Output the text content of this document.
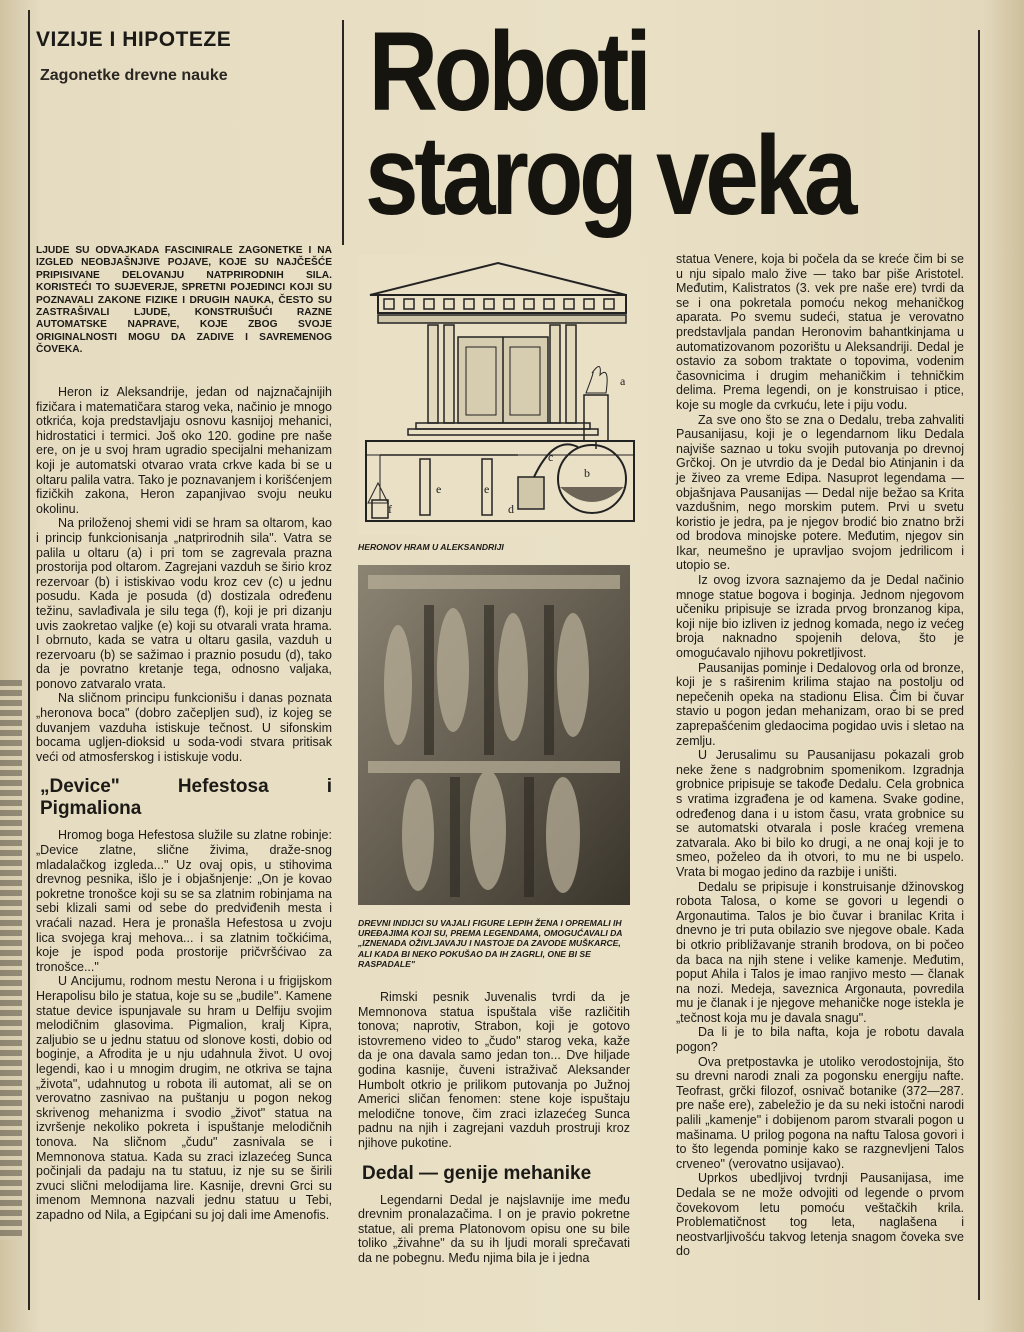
VIZIJE I HIPOTEZE
Zagonetke drevne nauke Roboti
starog veka
LJUDE SU ODVAJKADA FASCINIRALE ZAGONETKE I NA IZGLED NEOBJAŠNJIVE POJAVE, KOJE SU NAJČEŠĆE PRIPISIVANE DELOVANJU NATPRIRODNIH SILA. KORISTEĆI TO SUJEVERJE, SPRETNI POJEDINCI KOJI SU POZNAVALI ZAKONE FIZIKE I DRUGIH NAUKA, ČESTO SU ZASTRAŠIVALI LJUDE, KONSTRUIŠUĆI RAZNE AUTOMATSKE NAPRAVE, KOJE ZBOG SVOJE ORIGINALNOSTI MOGU DA ZADIVE I SAVREMENOG ČOVEKA.

Heron iz Aleksandrije, jedan od najznačajnijih fizičara i matematičara starog veka, načinio je mnogo otkrića, koja predstavljaju osnovu kasnijoj mehanici, hidrostatici i termici. Još oko 120. godine pre naše ere, on je u svoj hram ugradio specijalni mehanizam koji je automatski otvarao vrata crkve kada bi se u oltaru palila vatra. Tako je poznavanjem i korišćenjem fizičkih zakona, Heron zapanjivao svoju neuku okolinu.

Na priloženoj shemi vidi se hram sa oltarom, kao i princip funkcionisanja „natprirodnih sila". Vatra se palila u oltaru (a) i pri tom se zagrevala prazna prostorija pod oltarom. Zagrejani vazduh se širio kroz rezervoar (b) i istiskivao vodu kroz cev (c) u jednu posudu. Kada je posuda (d) dostizala određenu težinu, savlađivala je silu tega (f), koji je pri dizanju uvis zaokretao valjke (e) koji su otvarali vrata hrama. I obrnuto, kada se vatra u oltaru gasila, vazduh u rezervoaru (b) se sažimao i praznio posudu (d), tako da je povratno kretanje tega, odnosno valjaka, ponovo zatvaralo vrata.

Na sličnom principu funkcionišu i danas poznata „heronova boca" (dobro začepljen sud), iz kojeg se duvanjem vazduha istiskuje tečnost. U sifonskim bocama ugljen-dioksid u soda-vodi stvara pritisak veći od atmosferskog i istiskuje vodu.

„Device" Hefestosa i Pigmaliona

Hromog boga Hefestosa služile su zlatne robinje: „Device zlatne, slične živima, draže-snog mladalačkog izgleda..." Uz ovaj opis, u stihovima drevnog pesnika, išlo je i objašnjenje: „On je kovao pokretne tronošce koji su se sa zlatnim robinjama na sebi klizali sami od sebe do predviđenih mesta i vraćali nazad. Hera je pronašla Hefestosa u zvoju lica svojega kraj mehova... i sa zlatnim točkićima, koje je ispod poda prostorije pričvršćivao za tronošce..."

U Anciјumu, rodnom mestu Nerona i u frigijskom Herapolisu bilo je statua, koje su se „budile". Kamene statue device ispunjavale su hram u Delfiju svojim melodičnim glasovima. Pigmalion, kralj Kipra, zaljubio se u jednu statuu od slonove kosti, dobio od boginje, a Afrodita je u nju udahnula život. U ovoj legendi, kao i u mnogim drugim, ne otkriva se tajna „života", udahnutog u robota ili automat, ali se on verovatno zasnivao na puštanju u pogon nekog skrivenog mehanizma i svodio „život" statua na izvršenje nekoliko pokreta i ispuštanje melodičnih tonova. Na sličnom „čudu" zasnivala se i Memnonova statua. Kada su zraci izlazećeg Sunca počinjali da padaju na tu statuu, iz nje su se širili zvuci slični melodijama lire. Kasnije, drevni Grci su imenom Memnona nazvali jednu statuu u Tebi, zapadno od Nila, a Egipćani su joj dali ime Amenofis.

a
b
c
d
e	e
f
HERONOV HRAM U ALEKSANDRIJI
DREVNI INDIJCI SU VAJALI FIGURE LEPIH ŽENA I OPREMALI IH UREĐAJIMA KOJI SU, PREMA LEGENDAMA, OMOGUĆAVALI DA „IZNENADA OŽIVLJAVAJU I NASTOJE DA ZAVODE MUŠKARCE, ALI KADA BI NEKO POKUŠAO DA IH ZAGRLI, ONE BI SE RASPADALE"

Rimski pesnik Juvenalis tvrdi da je Memnonova statua ispuštala više različitih tonova; naprotiv, Strabon, koji je gotovo istovremeno video to „čudo" starog veka, kaže da je ona davala samo jedan ton... Dve hiljade godina kasnije, čuveni istraživač Aleksander Humbolt otkrio je prilikom putovanja po Južnoj Americi sličan fenomen: stene koje ispuštaju melodične tonove, čim zraci izlazećeg Sunca padnu na njih i zagrejani vazduh prostruji kroz njihove pukotine.

Dedal — genije mehanike

Legendarni Dedal je najslavnije ime među drevnim pronalazačima. I on je pravio pokretne statue, ali prema Platonovom opisu one su bile toliko „živahne" da su ih ljudi morali sprečavati da ne pobegnu. Među njima bila je i jedna

statua Venere, koja bi počela da se kreće čim bi se u nju sipalo malo žive — tako bar piše Aristotel. Međutim, Kalistratos (3. vek pre naše ere) tvrdi da se i ona pokretala pomoću nekog mehaničkog aparata. Po svemu sudeći, statua je verovatno predstavljala pandan Heronovim bahantkinjama u automatizovanom pozorištu u Aleksandriji. Dedal je ostavio za sobom traktate o topovima, vodenim časovnicima i drugim mehaničkim i tehničkim delima. Prema legendi, on je konstruisao i ptice, koje su mogle da cvrkuću, lete i piju vodu.

Za sve ono što se zna o Dedalu, treba zahvaliti Pausanijasu, koji je o legendarnom liku Dedala najviše saznao u toku svojih putovanja po drevnoj Grčkoj. On je utvrdio da je Dedal bio Atinjanin i da je živeo za vreme Edipa. Nasuprot legendama — objašnjava Pausanijas — Dedal nije bežao sa Krita vazdušnim, nego morskim putem. Prvi u svetu koristio je jedra, pa je njegov brodić bio znatno brži od brodova minojske potere. Međutim, njegov sin Ikar, neumešno je upravljao svojom jedrilicom i utopio se.

Iz ovog izvora saznajemo da je Dedal načinio mnoge statue bogova i boginja. Jednom njegovom učeniku pripisuje se izrada prvog bronzanog kipa, koji nije bio izliven iz jednog komada, nego iz većeg broja naknadno spojenih delova, što je omogućavalo njihovu pokretljivost.

Pausanijas pominje i Dedalovog orla od bronze, koji je s raširenim krilima stajao na postolju od nepečenih opeka na stadionu Elisa. Čim bi čuvar stavio u pogon jedan mehanizam, orao bi se pred zaprepašćenim gledaocima pogidao uvis i sletao na zemlju.

U Jerusalimu su Pausanijasu pokazali grob neke žene s nadgrobnim spomenikom. Izgradnja grobnice pripisuje se takođe Dedalu. Cela grobnica s vratima izgrađena je od kamena. Svake godine, određenog dana i u istom času, vrata grobnice su se automatski otvarala i posle kraćeg vremena zatvarala. Ako bi bilo ko drugi, a ne onaj koji je to smeo, poželeo da ih otvori, to mu ne bi uspelo. Vrata bi mogao jedino da razbije i uništi.

Dedalu se pripisuje i konstruisanje džinovskog robota Talosa, o kome se govori u legendi o Argonautima. Talos je bio čuvar i branilac Krita i dnevno je tri puta obilazio sve njegove obale. Kada bi otkrio približavanje stranih brodova, on bi počeo da baca na njih stene i velike kamenje. Međutim, poput Ahila i Talos je imao ranjivo mesto — članak na nozi. Medeja, saveznica Argonauta, povredila mu je članak i je njegove mehaničke noge istekla je „tečnost koja mu je davala snagu".

Da li je to bila nafta, koja je robotu davala pogon?

Ova pretpostavka je utoliko verodostojnija, što su drevni narodi znali za pogonsku energiju nafte. Teofrast, grčki filozof, osnivač botanike (372—287. pre naše ere), zabeležio je da su neki istočni narodi palili „kamenje" i dobijenom parom stvarali pogon u mašinama. U prilog pogona na naftu Talosa govori i to što legenda pominje kako se razgnevljeni Talos crveneo" (verovatno usijavao).

Uprkos ubedljivoj tvrdnji Pausanijasa, ime Dedala se ne može odvojiti od legende o prvom čovekovom letu pomoću veštačkih krila. Problematičnost tog leta, naglašena i neostvarljivošću takvog letenja snagom čoveka sve do
